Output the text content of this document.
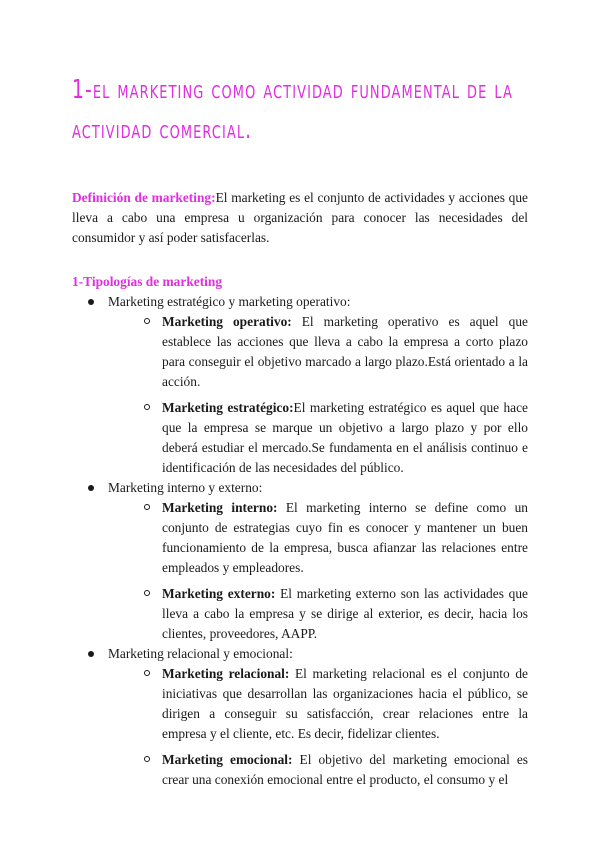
1-el marketing como actividad fundamental de la actividad comercial.

Definición de marketing:El marketing es el conjunto de actividades y acciones que lleva a cabo una empresa u organización para conocer las necesidades del consumidor y así poder satisfacerlas.

1-Tipologías de marketing

Marketing estratégico y marketing operativo:
Marketing operativo: El marketing operativo es aquel que establece las acciones que lleva a cabo la empresa a corto plazo para conseguir el objetivo marcado a largo plazo.Está orientado a la acción.
Marketing estratégico:El marketing estratégico es aquel que hace que la empresa se marque un objetivo a largo plazo y por ello deberá estudiar el mercado.Se fundamenta en el análisis continuo e identificación de las necesidades del público.
Marketing interno y externo:
Marketing interno: El marketing interno se define como un conjunto de estrategias cuyo fin es conocer y mantener un buen funcionamiento de la empresa, busca afianzar las relaciones entre empleados y empleadores.
Marketing externo: El marketing externo son las actividades que lleva a cabo la empresa y se dirige al exterior, es decir, hacia los clientes, proveedores, AAPP.
Marketing relacional y emocional:
Marketing relacional: El marketing relacional es el conjunto de iniciativas que desarrollan las organizaciones hacia el público, se dirigen a conseguir su satisfacción, crear relaciones entre la empresa y el cliente, etc. Es decir, fidelizar clientes.
Marketing emocional: El objetivo del marketing emocional es crear una conexión emocional entre el producto, el consumo y el
